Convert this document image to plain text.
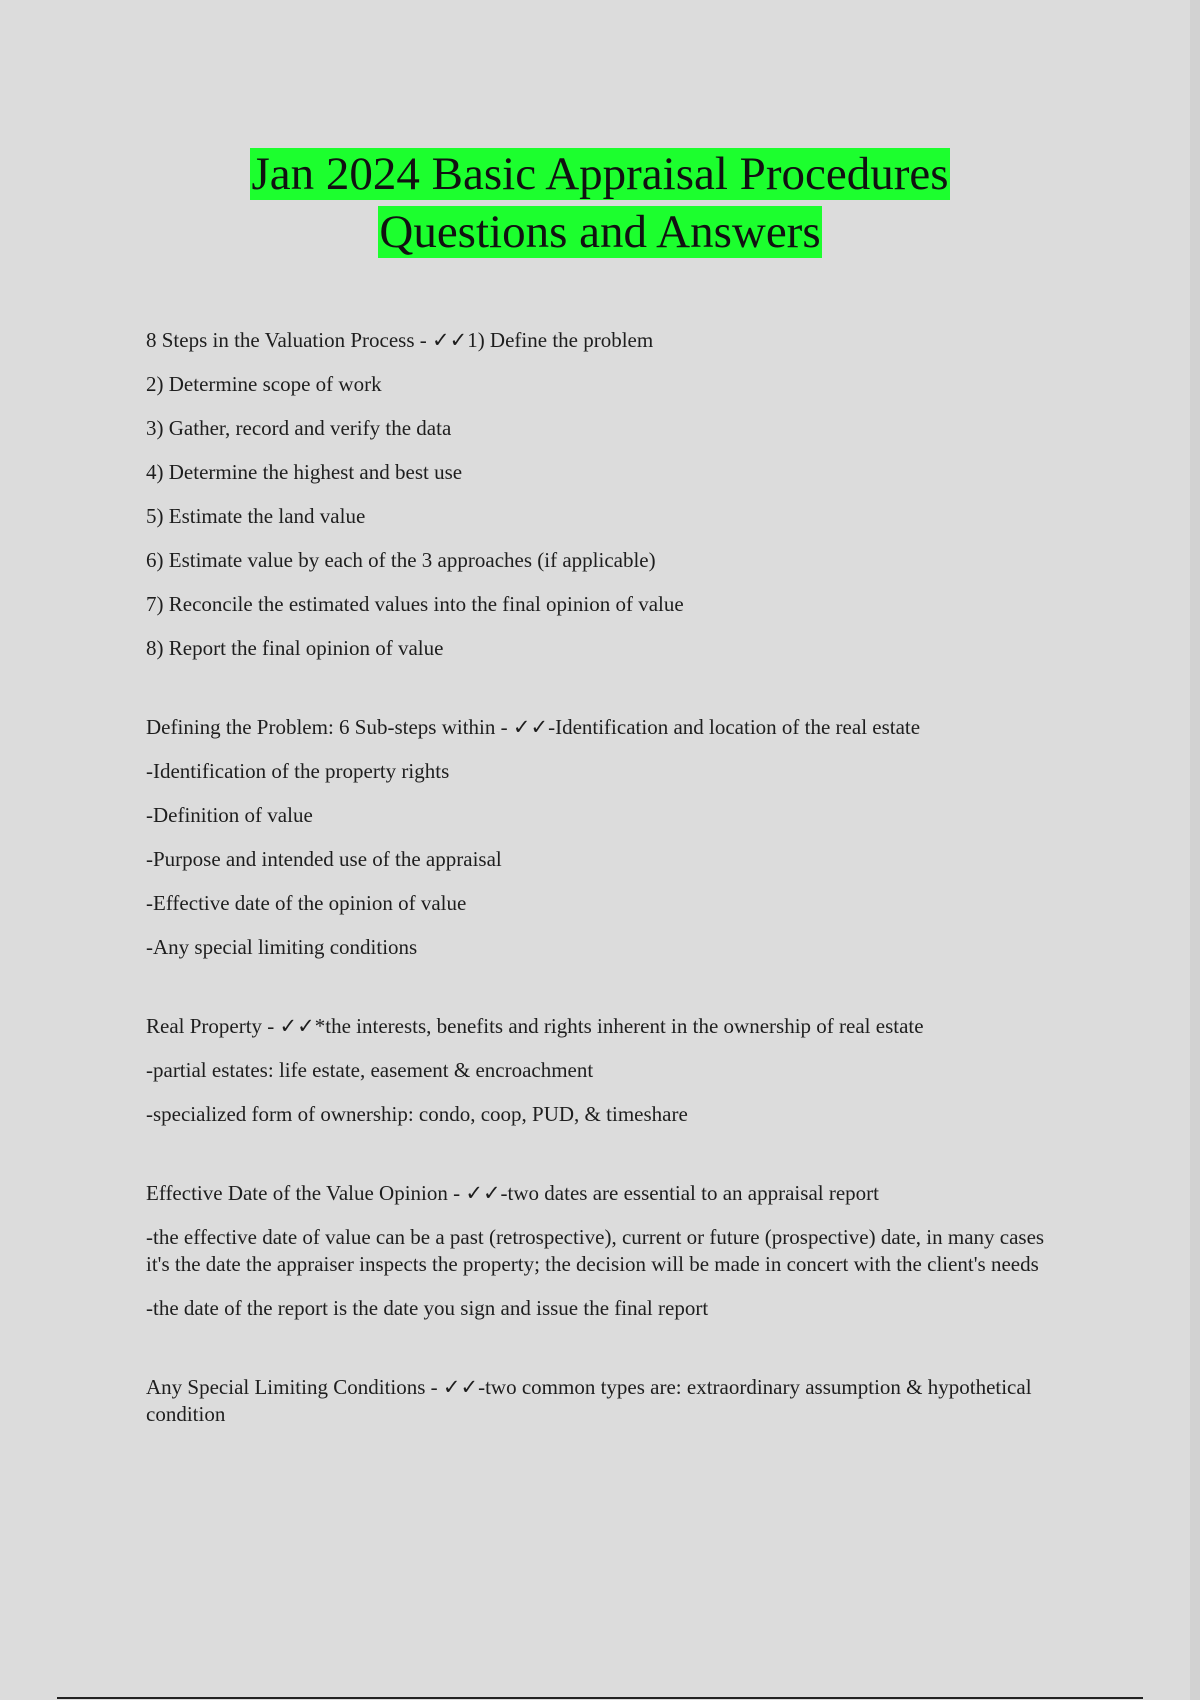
Jan 2024 Basic Appraisal Procedures
Questions and Answers

8 Steps in the Valuation Process - ✓✓1) Define the problem

2) Determine scope of work

3) Gather, record and verify the data

4) Determine the highest and best use

5) Estimate the land value

6) Estimate value by each of the 3 approaches (if applicable)

7) Reconcile the estimated values into the final opinion of value

8) Report the final opinion of value

Defining the Problem: 6 Sub-steps within - ✓✓-Identification and location of the real estate

-Identification of the property rights

-Definition of value

-Purpose and intended use of the appraisal

-Effective date of the opinion of value

-Any special limiting conditions

Real Property - ✓✓*the interests, benefits and rights inherent in the ownership of real estate

-partial estates: life estate, easement & encroachment

-specialized form of ownership: condo, coop, PUD, & timeshare

Effective Date of the Value Opinion - ✓✓-two dates are essential to an appraisal report

-the effective date of value can be a past (retrospective), current or future (prospective) date, in many cases it's the date the appraiser inspects the property; the decision will be made in concert with the client's needs

-the date of the report is the date you sign and issue the final report

Any Special Limiting Conditions - ✓✓-two common types are: extraordinary assumption & hypothetical condition
